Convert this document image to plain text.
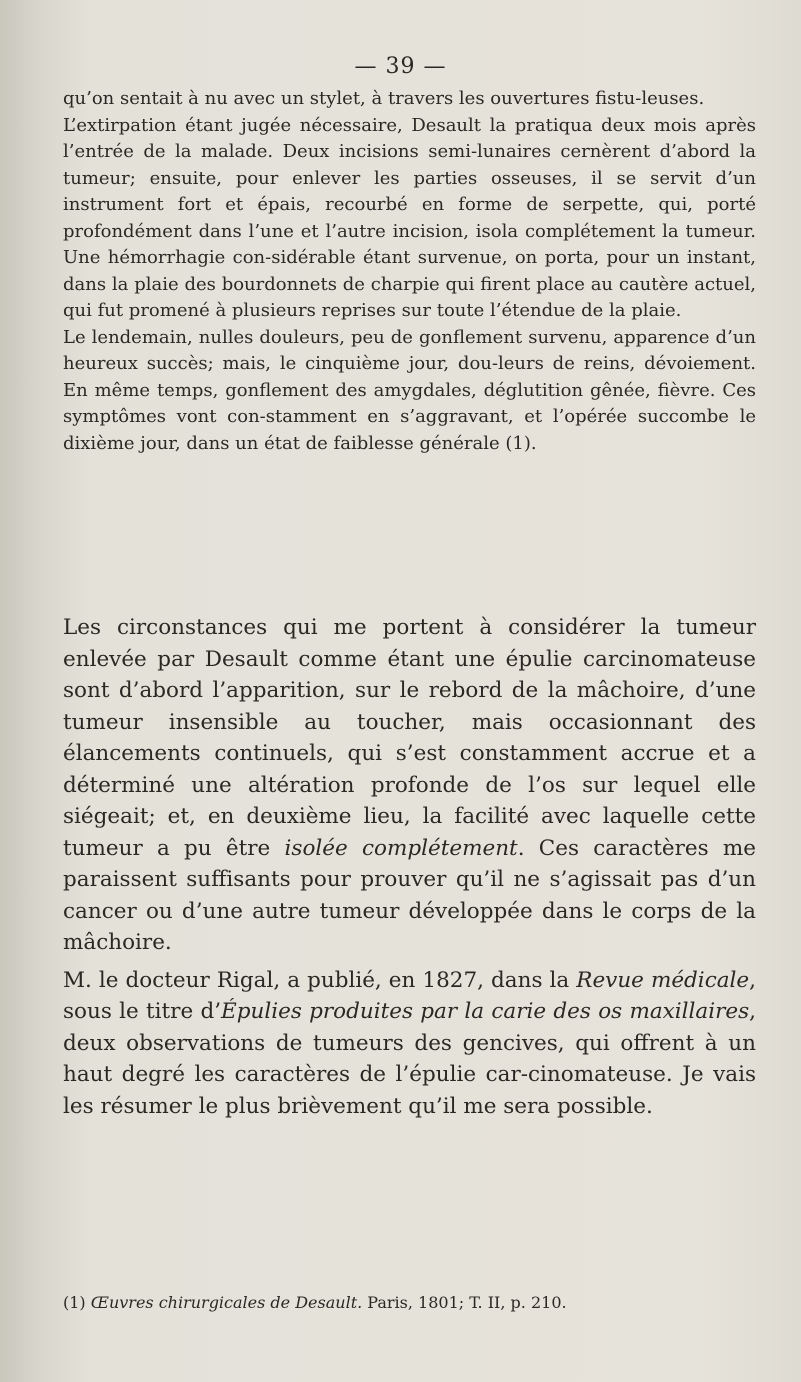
— 39 —

qu’on sentait à nu avec un stylet, à travers les ouvertures fistu-leuses.

L’extirpation étant jugée nécessaire, Desault la pratiqua deux mois après l’entrée de la malade. Deux incisions semi-lunaires cernèrent d’abord la tumeur; ensuite, pour enlever les parties osseuses, il se servit d’un instrument fort et épais, recourbé en forme de serpette, qui, porté profondément dans l’une et l’autre incision, isola complétement la tumeur. Une hémorrhagie con-sidérable étant survenue, on porta, pour un instant, dans la plaie des bourdonnets de charpie qui firent place au cautère actuel, qui fut promené à plusieurs reprises sur toute l’étendue de la plaie.

Le lendemain, nulles douleurs, peu de gonflement survenu, apparence d’un heureux succès; mais, le cinquième jour, dou-leurs de reins, dévoiement. En même temps, gonflement des amygdales, déglutition gênée, fièvre. Ces symptômes vont con-stamment en s’aggravant, et l’opérée succombe le dixième jour, dans un état de faiblesse générale (1).

Les circonstances qui me portent à considérer la tumeur enlevée par Desault comme étant une épulie carcinomateuse sont d’abord l’apparition, sur le rebord de la mâchoire, d’une tumeur insensible au toucher, mais occasionnant des élancements continuels, qui s’est constamment accrue et a déterminé une altération profonde de l’os sur lequel elle siégeait; et, en deuxième lieu, la facilité avec laquelle cette tumeur a pu être isolée complétement. Ces caractères me paraissent suffisants pour prouver qu’il ne s’agissait pas d’un cancer ou d’une autre tumeur développée dans le corps de la mâchoire.

M. le docteur Rigal, a publié, en 1827, dans la Revue médicale, sous le titre d’Épulies produites par la carie des os maxillaires, deux observations de tumeurs des gencives, qui offrent à un haut degré les caractères de l’épulie car-cinomateuse. Je vais les résumer le plus brièvement qu’il me sera possible.

(1) Œuvres chirurgicales de Desault. Paris, 1801; T. II, p. 210.
